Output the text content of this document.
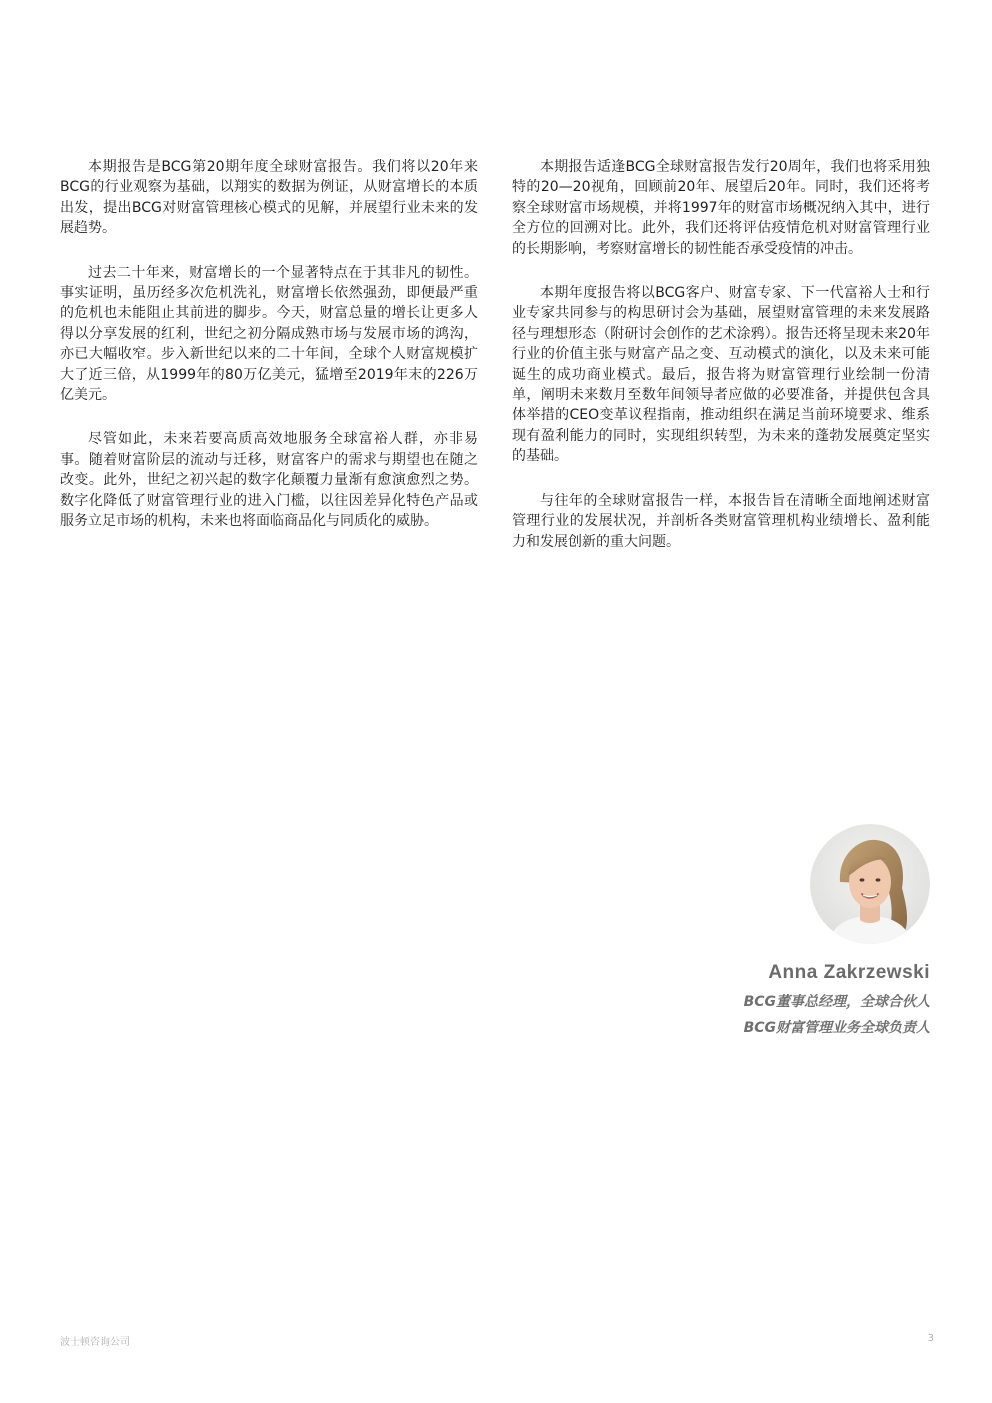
本期报告是BCG第20期年度全球财富报告。我们将以20年来BCG的行业观察为基础，以翔实的数据为例证，从财富增长的本质出发，提出BCG对财富管理核心模式的见解，并展望行业未来的发展趋势。

过去二十年来，财富增长的一个显著特点在于其非凡的韧性。事实证明，虽历经多次危机洗礼，财富增长依然强劲，即便最严重的危机也未能阻止其前进的脚步。今天，财富总量的增长让更多人得以分享发展的红利，世纪之初分隔成熟市场与发展市场的鸿沟，亦已大幅收窄。步入新世纪以来的二十年间，全球个人财富规模扩大了近三倍，从1999年的80万亿美元，猛增至2019年末的226万亿美元。

尽管如此，未来若要高质高效地服务全球富裕人群，亦非易事。随着财富阶层的流动与迁移，财富客户的需求与期望也在随之改变。此外，世纪之初兴起的数字化颠覆力量渐有愈演愈烈之势。数字化降低了财富管理行业的进入门槛，以往因差异化特色产品或服务立足市场的机构，未来也将面临商品化与同质化的威胁。

本期报告适逢BCG全球财富报告发行20周年，我们也将采用独特的20—20视角，回顾前20年、展望后20年。同时，我们还将考察全球财富市场规模，并将1997年的财富市场概况纳入其中，进行全方位的回溯对比。此外，我们还将评估疫情危机对财富管理行业的长期影响，考察财富增长的韧性能否承受疫情的冲击。

本期年度报告将以BCG客户、财富专家、下一代富裕人士和行业专家共同参与的构思研讨会为基础，展望财富管理的未来发展路径与理想形态（附研讨会创作的艺术涂鸦）。报告还将呈现未来20年行业的价值主张与财富产品之变、互动模式的演化，以及未来可能诞生的成功商业模式。最后，报告将为财富管理行业绘制一份清单，阐明未来数月至数年间领导者应做的必要准备，并提供包含具体举措的CEO变革议程指南，推动组织在满足当前环境要求、维系现有盈利能力的同时，实现组织转型，为未来的蓬勃发展奠定坚实的基础。

与往年的全球财富报告一样，本报告旨在清晰全面地阐述财富管理行业的发展状况，并剖析各类财富管理机构业绩增长、盈利能力和发展创新的重大问题。

Anna Zakrzewski
BCG董事总经理，全球合伙人
BCG财富管理业务全球负责人
波士顿咨询公司	3
